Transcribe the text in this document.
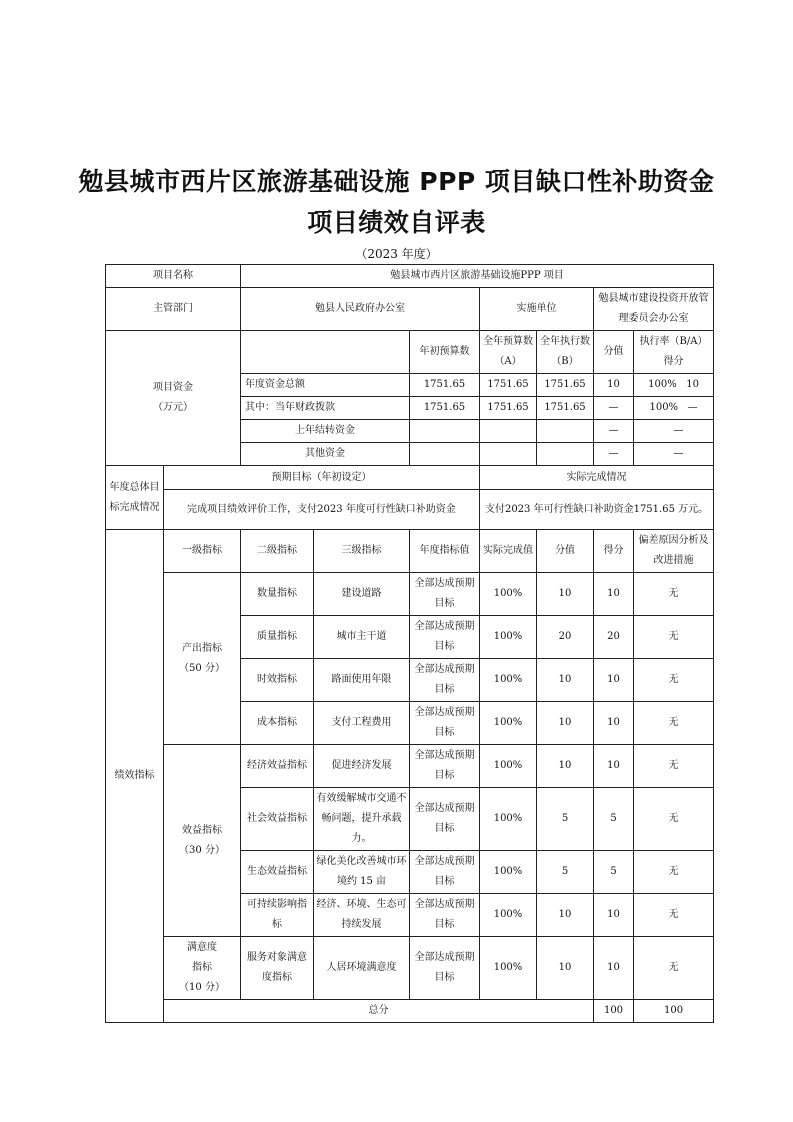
勉县城市西片区旅游基础设施 PPP 项目缺口性补助资金
项目绩效自评表
（2023 年度）
项目名称		勉县城市西片区旅游基础设施PPP 项目							
主管部门		勉县人民政府办公室			实施单位		勉县城市建设投资开放管理委员会办公室		

项目资金
（万元）				年初预算数	全年预算数（A）	全年执行数（B）	分值	执行率（B/A） 得分	
		年度资金总额		1751.65	1751.65	1751.65	10	100% 10	
		其中：当年财政拨款		1751.65	1751.65	1751.65	—	100% —	
		上年结转资金					—	—	
		其他资金					—	—	
年度总体目标完成情况	预期目标（年初设定）				实际完成情况				
	完成项目绩效评价工作，支付2023 年度可行性缺口补助资金				支付2023 年可行性缺口补助资金1751.65 万元。				
绩效指标	一级指标	二级指标	三级指标	年度指标值	实际完成值	分值	得分	偏差原因分析及改进措施	

	产出指标
（50 分）	数量指标	建设道路	全部达成预期目标	100%	10	10	无	
		质量指标	城市主干道	全部达成预期目标	100%	20	20	无	
		时效指标	路面使用年限	全部达成预期目标	100%	10	10	无	
		成本指标	支付工程费用	全部达成预期目标	100%	10	10	无	

	效益指标
（30 分）	经济效益指标	促进经济发展	全部达成预期目标	100%	10	10	无	
		社会效益指标	有效缓解城市交通不畅问题，提升承载力。	全部达成预期目标	100%	5	5	无	
		生态效益指标	绿化美化改善城市环境约 15 亩	全部达成预期目标	100%	5	5	无	
		可持续影响指标	经济、环境、生态可持续发展	全部达成预期目标	100%	10	10	无	

	满意度
指标
（10 分）	服务对象满意度指标	人居环境满意度	全部达成预期目标	100%	10	10	无	
	总分						100	100	
